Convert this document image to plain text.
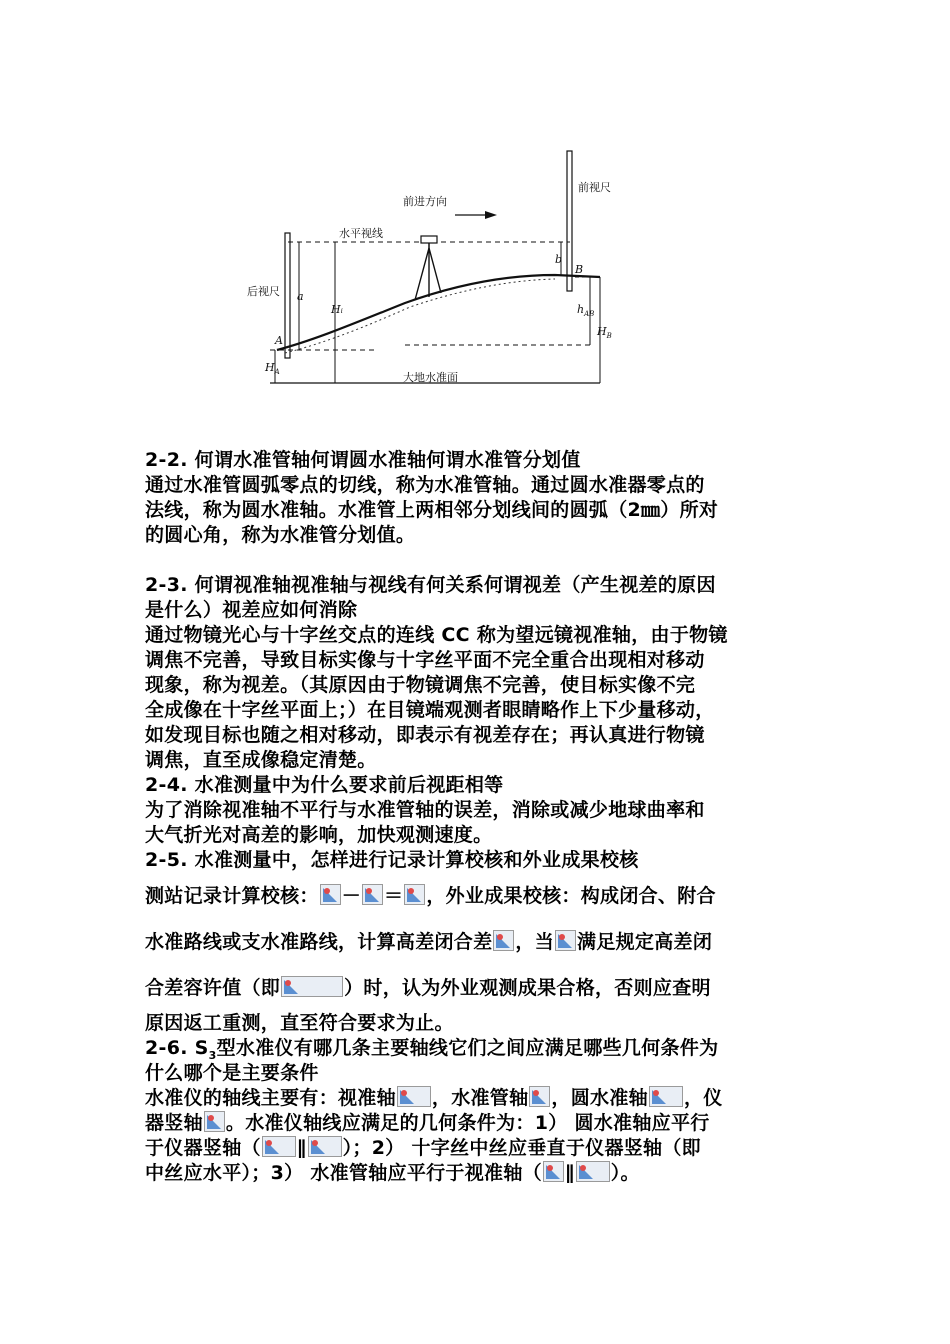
前进方向
前视尺
后视尺
水平视线
大地水准面
a
b
A
B
Hᵢ
$H_A$
$H_B$
$h_{AB}$
2-2. 何谓水准管轴何谓圆水准轴何谓水准管分划值
通过水准管圆弧零点的切线，称为水准管轴。通过圆水准器零点的
法线，称为圆水准轴。水准管上两相邻分划线间的圆弧（2㎜）所对
的圆心角，称为水准管分划值。
2-3. 何谓视准轴视准轴与视线有何关系何谓视差（产生视差的原因
是什么）视差应如何消除
通过物镜光心与十字丝交点的连线 CC 称为望远镜视准轴，由于物镜
调焦不完善，导致目标实像与十字丝平面不完全重合出现相对移动
现象，称为视差。（其原因由于物镜调焦不完善，使目标实像不完
全成像在十字丝平面上；）在目镜端观测者眼睛略作上下少量移动，
如发现目标也随之相对移动，即表示有视差存在；再认真进行物镜
调焦，直至成像稳定清楚。
2-4. 水准测量中为什么要求前后视距相等
为了消除视准轴不平行与水准管轴的误差，消除或减少地球曲率和
大气折光对高差的影响，加快观测速度。
2-5. 水准测量中，怎样进行记录计算校核和外业成果校核
测站记录计算校核： － ＝ ，外业成果校核：构成闭合、附合
水准路线或支水准路线，计算高差闭合差 ，当 满足规定高差闭
合差容许值（即	）时，认为外业观测成果合格，否则应查明
原因返工重测，直至符合要求为止。
2-6. $S_3$型水准仪有哪几条主要轴线它们之间应满足哪些几何条件为
什么哪个是主要条件
水准仪的轴线主要有：视准轴 ，水准管轴 ，圆水准轴 ，仪
器竖轴 。水准仪轴线应满足的几何条件为：1） 圆水准轴应平行
于仪器竖轴（ ∥ ）；2） 十字丝中丝应垂直于仪器竖轴（即
中丝应水平）；3） 水准管轴应平行于视准轴（ ∥ ）。
